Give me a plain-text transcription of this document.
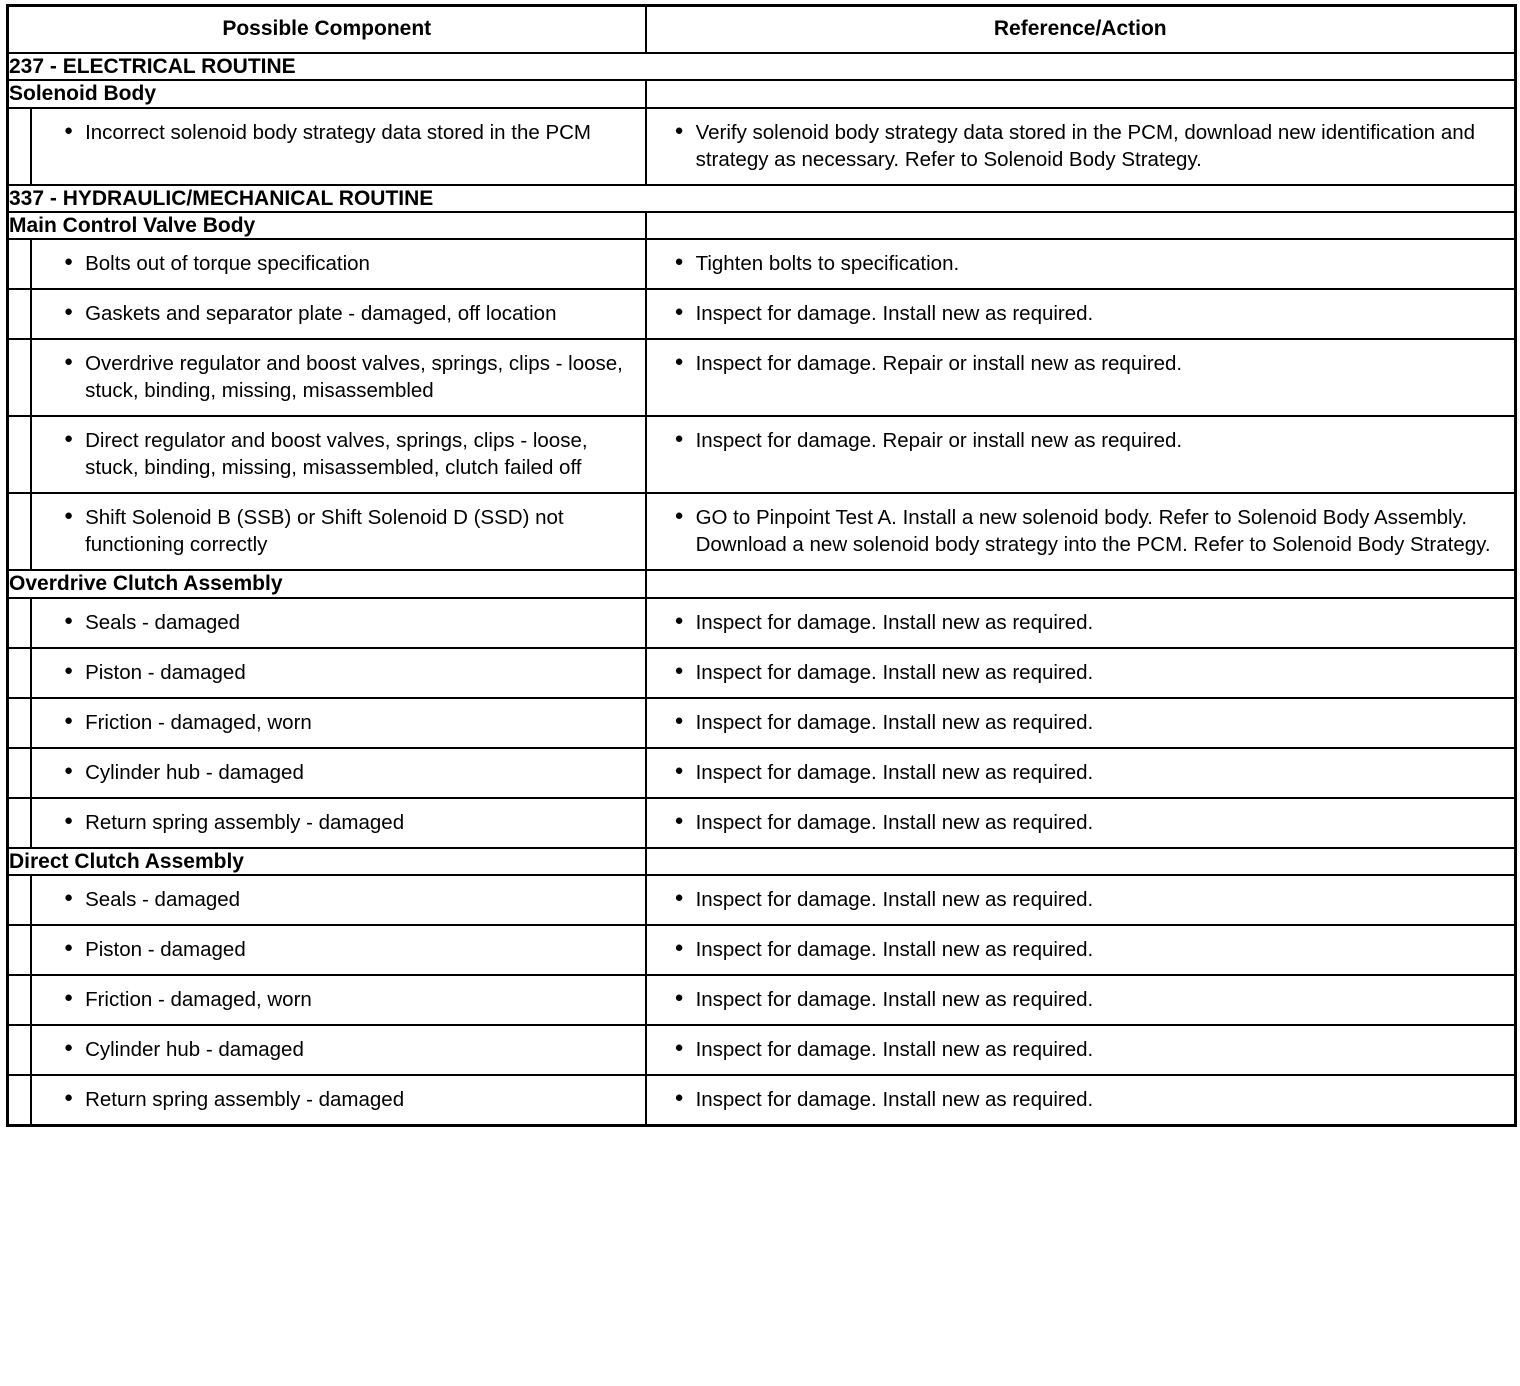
Possible Component	Reference/Action
237 - ELECTRICAL ROUTINE	
Solenoid Body	

● Incorrect solenoid body strategy data stored in the PCM	● Verify solenoid body strategy data stored in the PCM, download new identification and strategy as necessary. Refer to Solenoid Body Strategy.

337 - HYDRAULIC/MECHANICAL ROUTINE	
Main Control Valve Body	

● Bolts out of torque specification	● Tighten bolts to specification.

● Gaskets and separator plate - damaged, off location	● Inspect for damage. Install new as required.

● Overdrive regulator and boost valves, springs, clips - loose, stuck, binding, missing, misassembled	● Inspect for damage. Repair or install new as required.

● Direct regulator and boost valves, springs, clips - loose, stuck, binding, missing, misassembled, clutch failed off	● Inspect for damage. Repair or install new as required.

● Shift Solenoid B (SSB) or Shift Solenoid D (SSD) not functioning correctly	● GO to Pinpoint Test A. Install a new solenoid body. Refer to Solenoid Body Assembly. Download a new solenoid body strategy into the PCM. Refer to Solenoid Body Strategy.

Overdrive Clutch Assembly	

● Seals - damaged	● Inspect for damage. Install new as required.

● Piston - damaged	● Inspect for damage. Install new as required.

● Friction - damaged, worn	● Inspect for damage. Install new as required.

● Cylinder hub - damaged	● Inspect for damage. Install new as required.

● Return spring assembly - damaged	● Inspect for damage. Install new as required.

Direct Clutch Assembly	

● Seals - damaged	● Inspect for damage. Install new as required.

● Piston - damaged	● Inspect for damage. Install new as required.

● Friction - damaged, worn	● Inspect for damage. Install new as required.

● Cylinder hub - damaged	● Inspect for damage. Install new as required.

● Return spring assembly - damaged	● Inspect for damage. Install new as required.
